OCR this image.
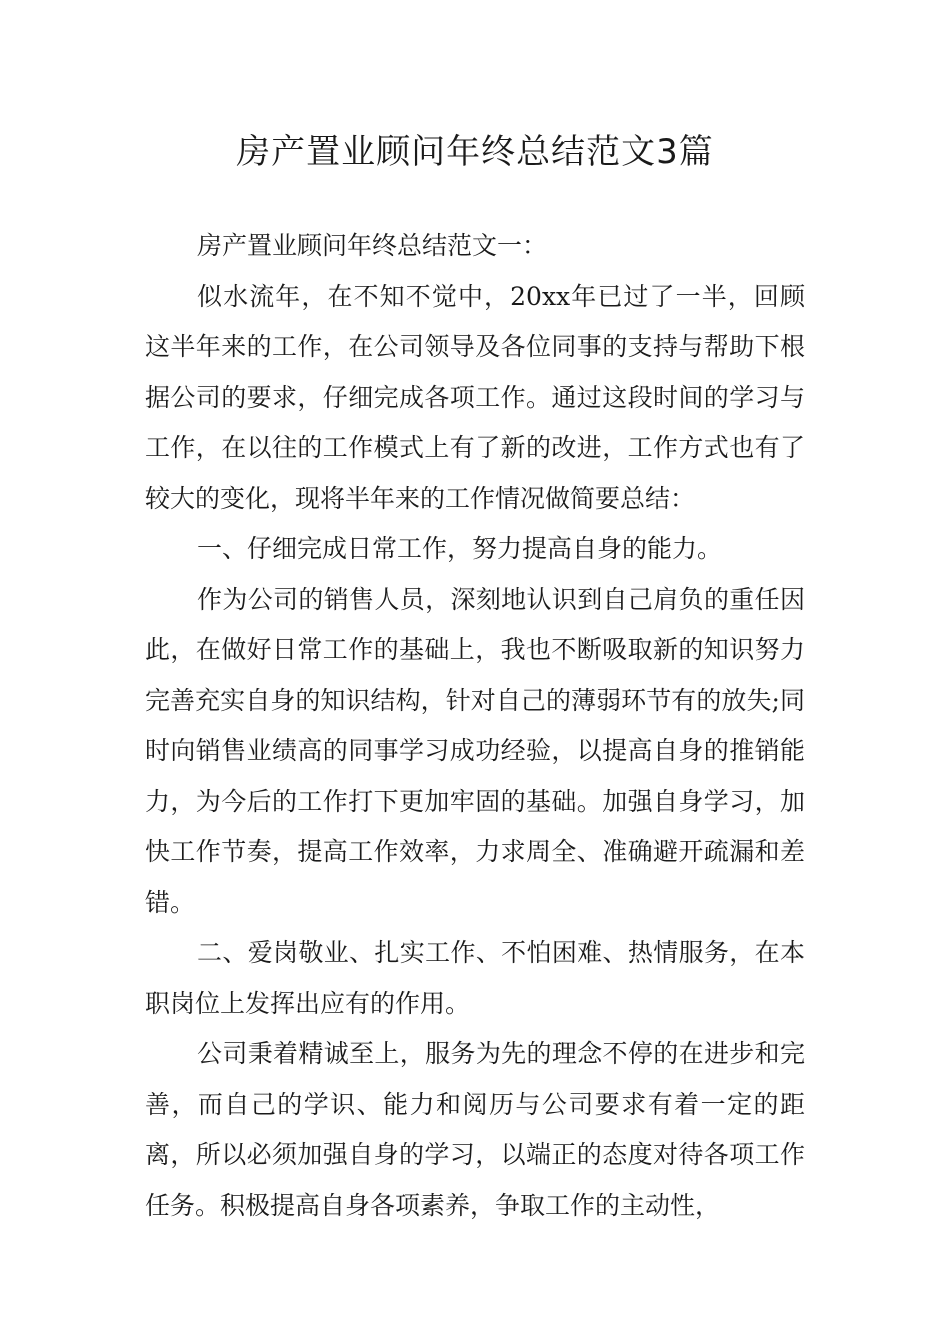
房产置业顾问年终总结范文3篇

房产置业顾问年终总结范文一：

似水流年，在不知不觉中，20xx年已过了一半，回顾这半年来的工作，在公司领导及各位同事的支持与帮助下根据公司的要求，仔细完成各项工作。通过这段时间的学习与工作，在以往的工作模式上有了新的改进，工作方式也有了较大的变化，现将半年来的工作情况做简要总结：

一、仔细完成日常工作，努力提高自身的能力。

作为公司的销售人员，深刻地认识到自己肩负的重任因此，在做好日常工作的基础上，我也不断吸取新的知识努力完善充实自身的知识结构，针对自己的薄弱环节有的放失;同时向销售业绩高的同事学习成功经验，以提高自身的推销能力，为今后的工作打下更加牢固的基础。加强自身学习，加快工作节奏，提高工作效率，力求周全、准确避开疏漏和差错。

二、爱岗敬业、扎实工作、不怕困难、热情服务，在本职岗位上发挥出应有的作用。

公司秉着精诚至上，服务为先的理念不停的在进步和完善，而自己的学识、能力和阅历与公司要求有着一定的距离，所以必须加强自身的学习，以端正的态度对待各项工作任务。积极提高自身各项素养，争取工作的主动性，
